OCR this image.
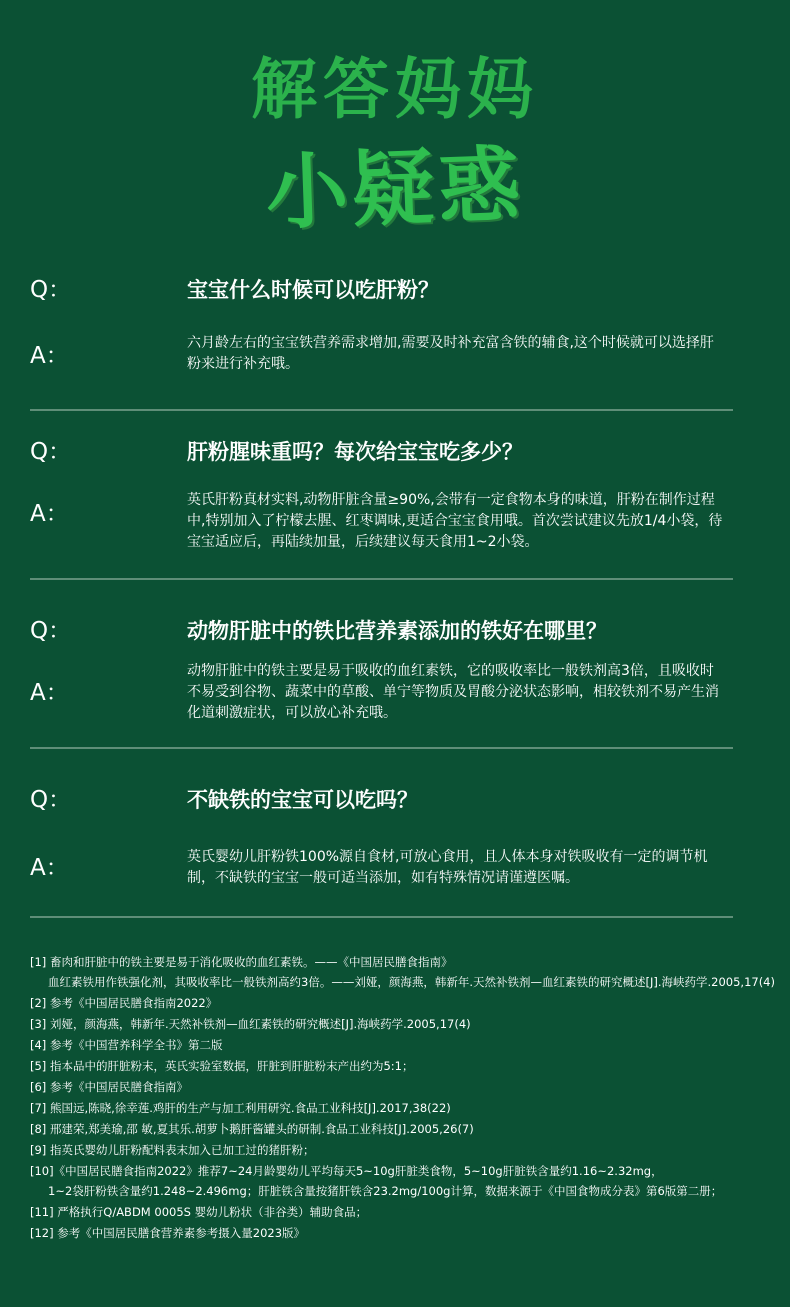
解答妈妈
小疑惑
Q：	宝宝什么时候可以吃肝粉？
A：	六月龄左右的宝宝铁营养需求增加,需要及时补充富含铁的辅食,这个时候就可以选择肝粉来进行补充哦。
Q：	肝粉腥味重吗？每次给宝宝吃多少？
A：
英氏肝粉真材实料,动物肝脏含量≥90%,会带有一定食物本身的味道，肝粉在制作过程中,特别加入了柠檬去腥、红枣调味,更适合宝宝食用哦。首次尝试建议先放1/4小袋，待宝宝适应后，再陆续加量，后续建议每天食用1~2小袋。
Q：	动物肝脏中的铁比营养素添加的铁好在哪里？
A：
动物肝脏中的铁主要是易于吸收的血红素铁，它的吸收率比一般铁剂高3倍，且吸收时不易受到谷物、蔬菜中的草酸、单宁等物质及胃酸分泌状态影响，相较铁剂不易产生消化道刺激症状，可以放心补充哦。
Q：	不缺铁的宝宝可以吃吗？
A：	英氏婴幼儿肝粉铁100%源自食材,可放心食用，且人体本身对铁吸收有一定的调节机制，不缺铁的宝宝一般可适当添加，如有特殊情况请谨遵医嘱。
[1] 畜肉和肝脏中的铁主要是易于消化吸收的血红素铁。——《中国居民膳食指南》
血红素铁用作铁强化剂，其吸收率比一般铁剂高约3倍。——刘娅，颜海燕，韩新年.天然补铁剂—血红素铁的研究概述[J].海峡药学.2005,17(4)
[2] 参考《中国居民膳食指南2022》
[3] 刘娅，颜海燕，韩新年.天然补铁剂—血红素铁的研究概述[J].海峡药学.2005,17(4)
[4] 参考《中国营养科学全书》第二版
[5] 指本品中的肝脏粉末，英氏实验室数据，肝脏到肝脏粉末产出约为5:1；
[6] 参考《中国居民膳食指南》
[7] 熊国远,陈晓,徐幸莲.鸡肝的生产与加工利用研究.食品工业科技[J].2017,38(22)
[8] 邢建荣,郑美瑜,邵 敏,夏其乐.胡萝卜鹅肝酱罐头的研制.食品工业科技[J].2005,26(7)
[9] 指英氏婴幼儿肝粉配料表末加入已加工过的猪肝粉；
[10]《中国居民膳食指南2022》推荐7~24月龄婴幼儿平均每天5~10g肝脏类食物，5~10g肝脏铁含量约1.16~2.32mg，
1~2袋肝粉铁含量约1.248~2.496mg；肝脏铁含量按猪肝铁含23.2mg/100g计算，数据来源于《中国食物成分表》第6版第二册；
[11] 严格执行Q/ABDM 0005S 婴幼儿粉状（非谷类）辅助食品；
[12] 参考《中国居民膳食营养素参考摄入量2023版》
